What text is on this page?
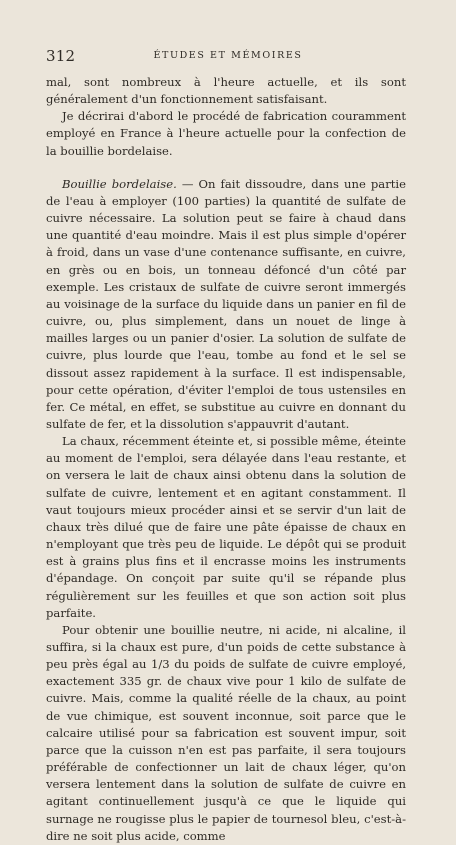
312	ÉTUDES ET MÉMOIRES

mal, sont nombreux à l'heure actuelle, et ils sont généralement d'un fonctionnement satisfaisant.

Je décrirai d'abord le procédé de fabrication couramment employé en France à l'heure actuelle pour la confection de la bouillie bordelaise.

Bouillie bordelaise. — On fait dissoudre, dans une partie de l'eau à employer (100 parties) la quantité de sulfate de cuivre nécessaire. La solution peut se faire à chaud dans une quantité d'eau moindre. Mais il est plus simple d'opérer à froid, dans un vase d'une contenance suffisante, en cuivre, en grès ou en bois, un tonneau défoncé d'un côté par exemple. Les cristaux de sulfate de cuivre seront immergés au voisinage de la surface du liquide dans un panier en fil de cuivre, ou, plus simplement, dans un nouet de linge à mailles larges ou un panier d'osier. La solution de sulfate de cuivre, plus lourde que l'eau, tombe au fond et le sel se dissout assez rapidement à la surface. Il est indispensable, pour cette opération, d'éviter l'emploi de tous ustensiles en fer. Ce métal, en effet, se substitue au cuivre en donnant du sulfate de fer, et la dissolution s'appauvrit d'autant.

La chaux, récemment éteinte et, si possible même, éteinte au moment de l'emploi, sera délayée dans l'eau restante, et on versera le lait de chaux ainsi obtenu dans la solution de sulfate de cuivre, lentement et en agitant constamment. Il vaut toujours mieux procéder ainsi et se servir d'un lait de chaux très dilué que de faire une pâte épaisse de chaux en n'employant que très peu de liquide. Le dépôt qui se produit est à grains plus fins et il encrasse moins les instruments d'épandage. On conçoit par suite qu'il se répande plus régulièrement sur les feuilles et que son action soit plus parfaite.

Pour obtenir une bouillie neutre, ni acide, ni alcaline, il suffira, si la chaux est pure, d'un poids de cette substance à peu près égal au 1/3 du poids de sulfate de cuivre employé, exactement 335 gr. de chaux vive pour 1 kilo de sulfate de cuivre. Mais, comme la qualité réelle de la chaux, au point de vue chimique, est souvent inconnue, soit parce que le calcaire utilisé pour sa fabrication est souvent impur, soit parce que la cuisson n'en est pas parfaite, il sera toujours préférable de confectionner un lait de chaux léger, qu'on versera lentement dans la solution de sulfate de cuivre en agitant continuellement jusqu'à ce que le liquide qui surnage ne rougisse plus le papier de tournesol bleu, c'est-à-dire ne soit plus acide, comme
